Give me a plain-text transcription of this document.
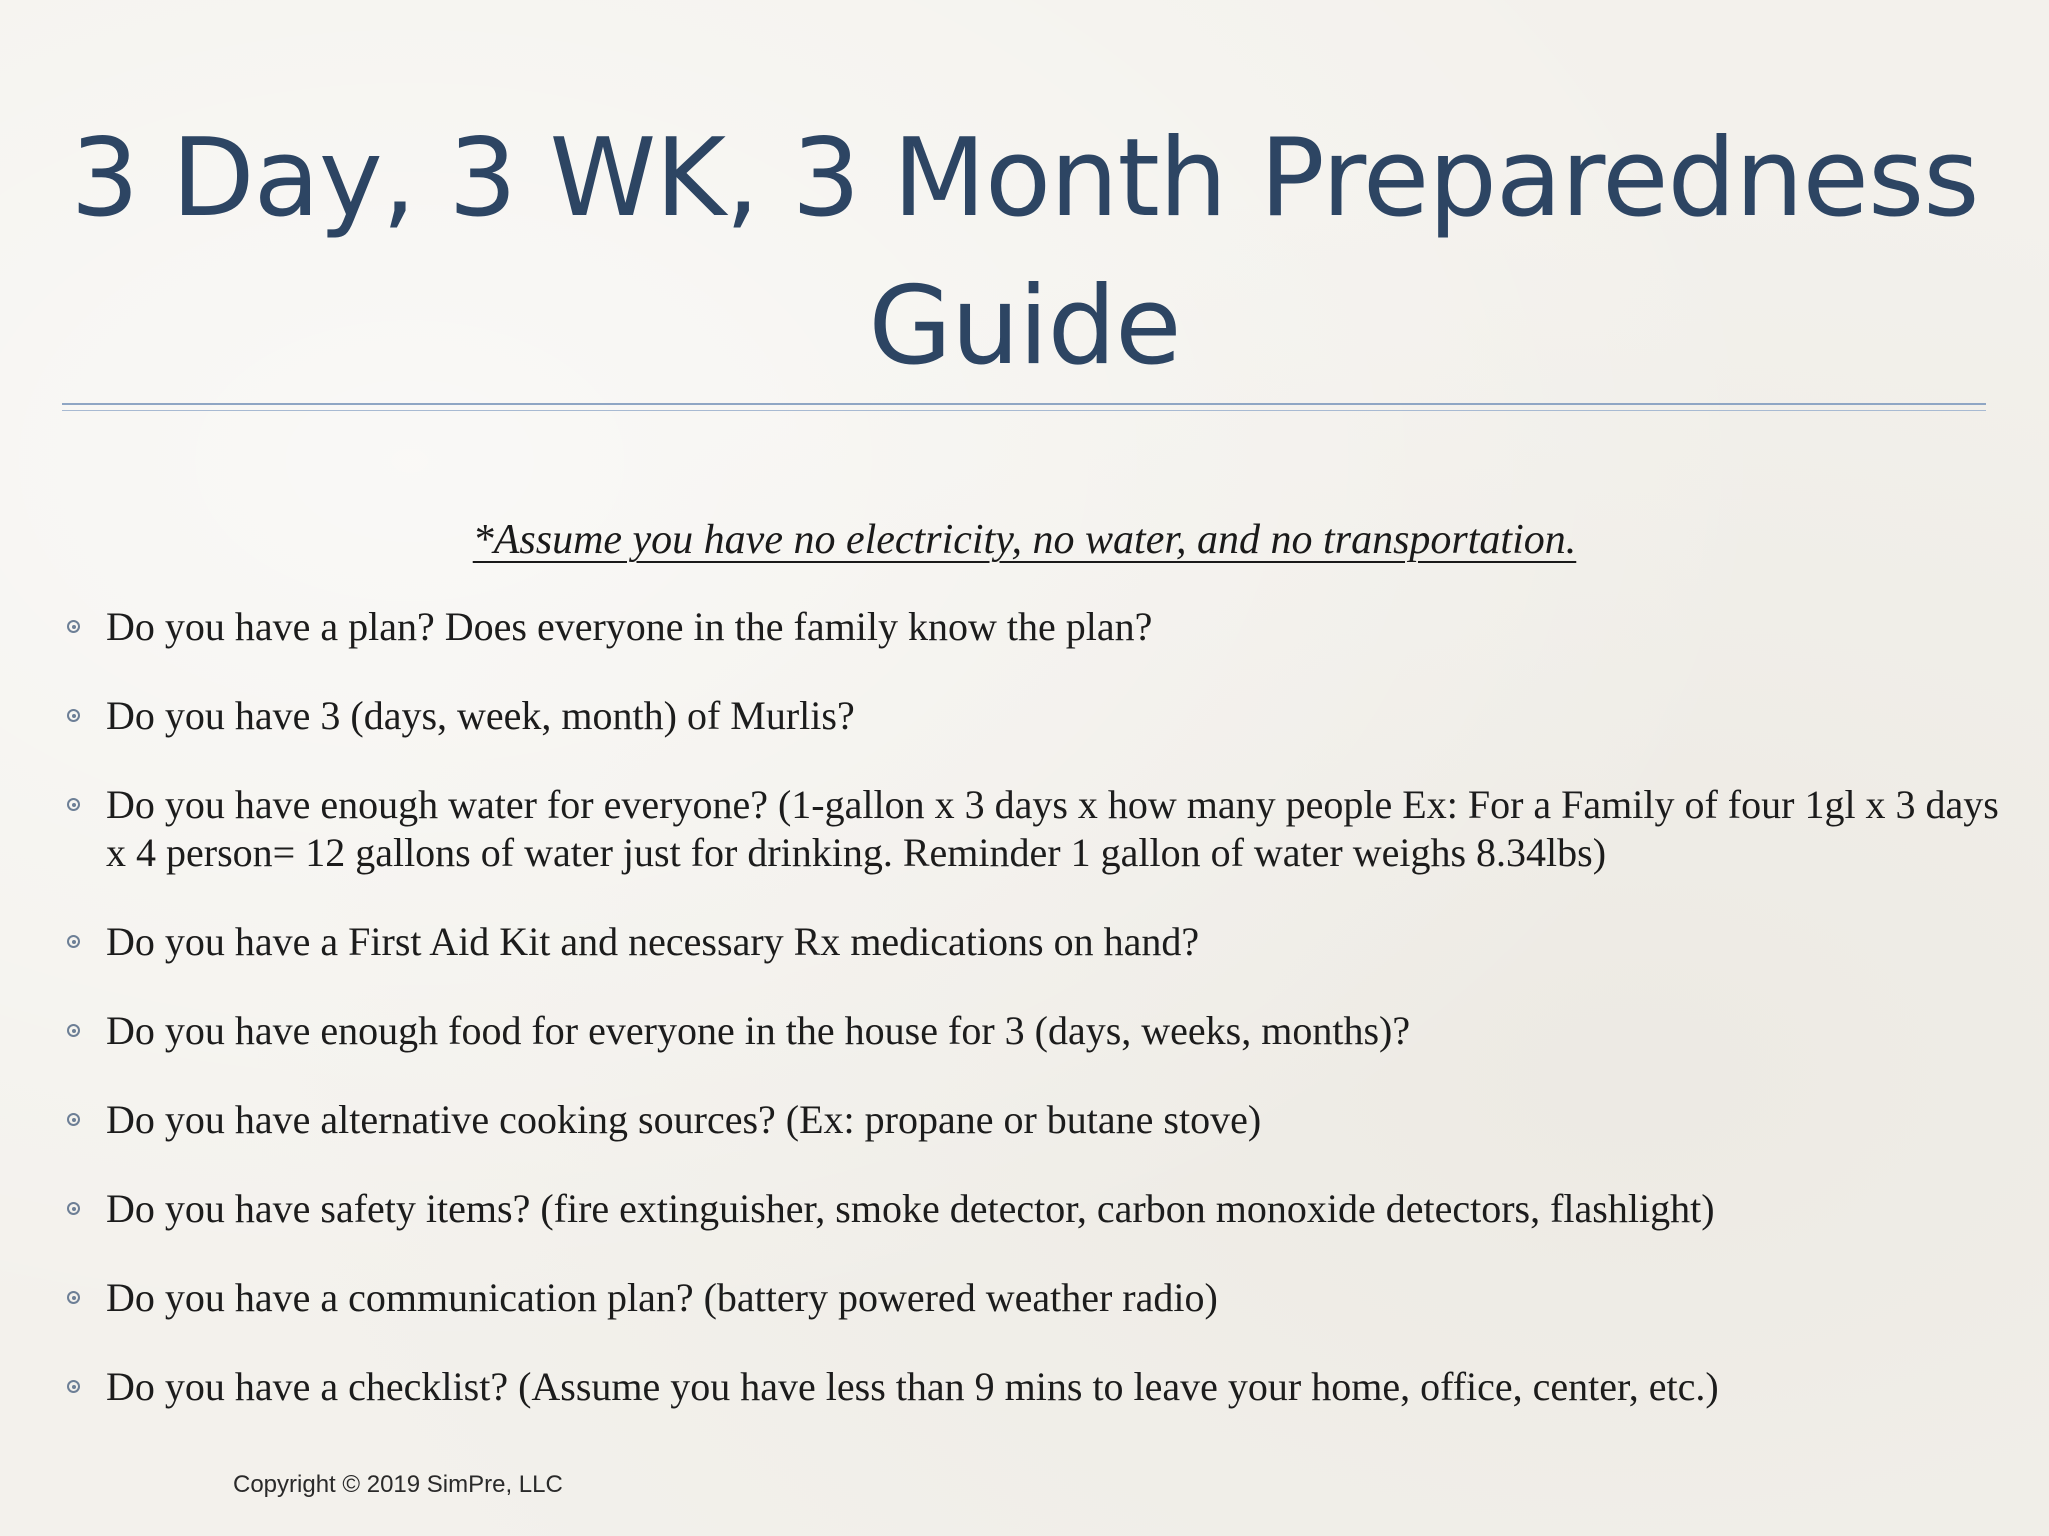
3 Day, 3 WK, 3 Month Preparedness
Guide
*Assume you have no electricity, no water, and no transportation.
Do you have a plan? Does everyone in the family know the plan?
Do you have 3 (days, week, month) of Murlis?
Do you have enough water for everyone? (1-gallon x 3 days x how many people Ex: For a Family of four 1gl x 3 days x 4 person= 12 gallons of water just for drinking. Reminder 1 gallon of water weighs 8.34lbs)
Do you have a First Aid Kit and necessary Rx medications on hand?
Do you have enough food for everyone in the house for 3 (days, weeks, months)?
Do you have alternative cooking sources? (Ex: propane or butane stove)
Do you have safety items? (fire extinguisher, smoke detector, carbon monoxide detectors, flashlight)
Do you have a communication plan? (battery powered weather radio)
Do you have a checklist? (Assume you have less than 9 mins to leave your home, office, center, etc.)
Copyright © 2019 SimPre, LLC
